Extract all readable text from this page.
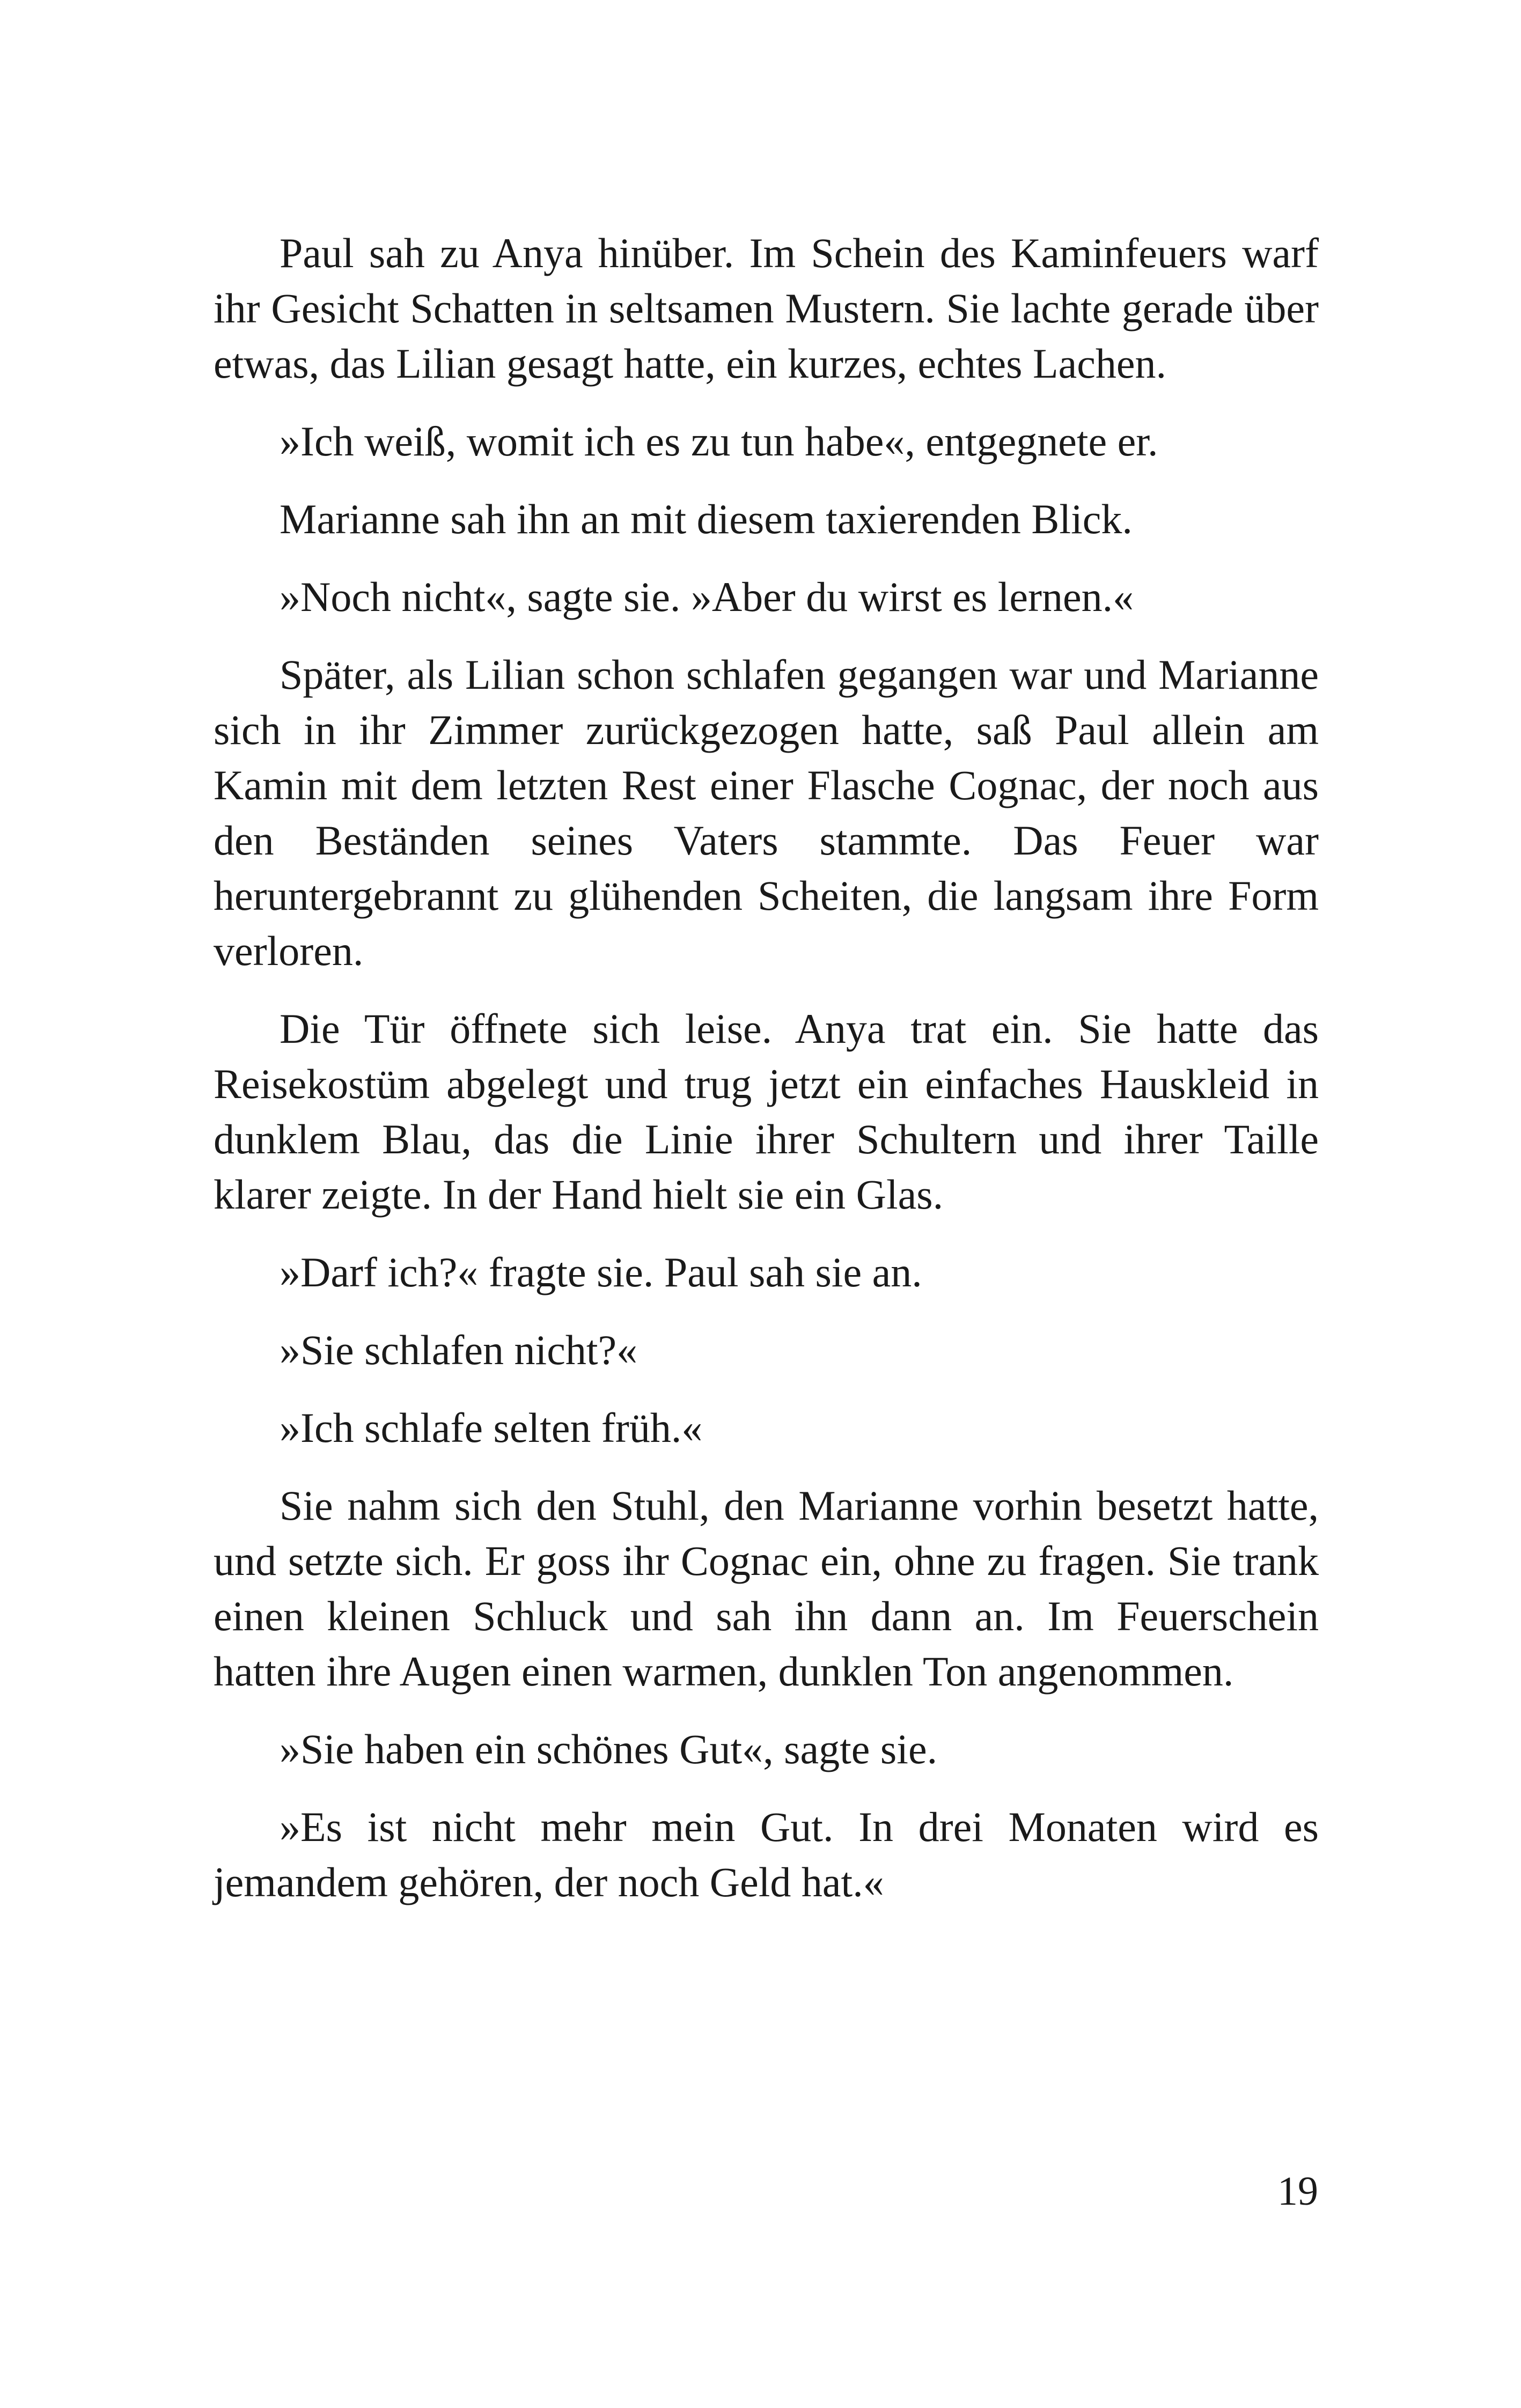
Paul sah zu Anya hinüber. Im Schein des Kaminfeuers warf ihr Gesicht Schatten in seltsamen Mustern. Sie lachte gerade über etwas, das Lilian gesagt hatte, ein kurzes, echtes Lachen.

»Ich weiß, womit ich es zu tun habe«, entgegnete er.

Marianne sah ihn an mit diesem taxierenden Blick.

»Noch nicht«, sagte sie. »Aber du wirst es lernen.«

Später, als Lilian schon schlafen gegangen war und Marianne sich in ihr Zimmer zurückgezogen hatte, saß Paul allein am Kamin mit dem letzten Rest einer Flasche Cognac, der noch aus den Beständen seines Vaters stammte. Das Feuer war heruntergebrannt zu glühenden Scheiten, die langsam ihre Form verloren.

Die Tür öffnete sich leise. Anya trat ein. Sie hatte das Reisekostüm abgelegt und trug jetzt ein einfaches Hauskleid in dunklem Blau, das die Linie ihrer Schultern und ihrer Taille klarer zeigte. In der Hand hielt sie ein Glas.

»Darf ich?« fragte sie. Paul sah sie an.

»Sie schlafen nicht?«

»Ich schlafe selten früh.«

Sie nahm sich den Stuhl, den Marianne vorhin besetzt hatte, und setzte sich. Er goss ihr Cognac ein, ohne zu fragen. Sie trank einen kleinen Schluck und sah ihn dann an. Im Feuerschein hatten ihre Augen einen warmen, dunklen Ton angenommen.

»Sie haben ein schönes Gut«, sagte sie.

»Es ist nicht mehr mein Gut. In drei Monaten wird es jemandem gehören, der noch Geld hat.«

19
